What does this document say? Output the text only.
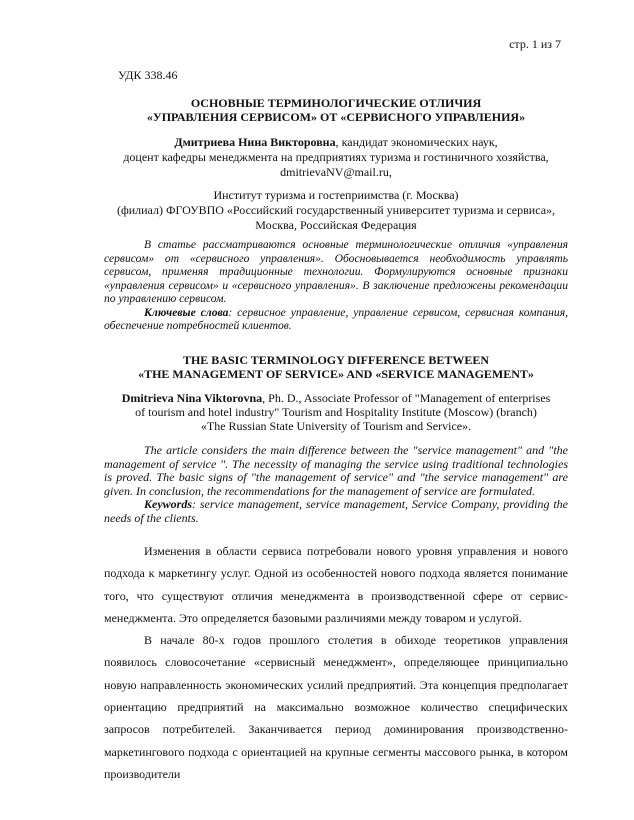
стр. 1 из 7
УДК 338.46
ОСНОВНЫЕ ТЕРМИНОЛОГИЧЕСКИЕ ОТЛИЧИЯ
«УПРАВЛЕНИЯ СЕРВИСОМ» ОТ «СЕРВИСНОГО УПРАВЛЕНИЯ»
Дмитриева Нина Викторовна, кандидат экономических наук,
доцент кафедры менеджмента на предприятиях туризма и гостиничного хозяйства,
dmitrievaNV@mail.ru,
Институт туризма и гостеприимства (г. Москва)
(филиал) ФГОУВПО «Российский государственный университет туризма и сервиса»,
Москва, Российская Федерация

В статье рассматриваются основные терминологические отличия «управления сервисом» от «сервисного управления». Обосновывается необходимость управлять сервисом, применяя традиционные технологии. Формулируются основные признаки «управления сервисом» и «сервисного управления». В заключение предложены рекомендации по управлению сервисом.

Ключевые слова: сервисное управление, управление сервисом, сервисная компания, обеспечение потребностей клиентов.

THE BASIC TERMINOLOGY DIFFERENCE BETWEEN
«THE MANAGEMENT OF SERVICE» AND «SERVICE MANAGEMENT»
Dmitrieva Nina Viktorovna, Ph. D., Associate Professor of "Management of enterprises
of tourism and hotel industry" Tourism and Hospitality Institute (Moscow) (branch)
«The Russian State University of Tourism and Service».

The article considers the main difference between the "service management" and "the management of service ". The necessity of managing the service using traditional technologies is proved. The basic signs of "the management of service" and "the service management" are given. In conclusion, the recommendations for the management of service are formulated.

Keywords: service management, service management, Service Company, providing the needs of the clients.

Изменения в области сервиса потребовали нового уровня управления и нового подхода к маркетингу услуг. Одной из особенностей нового подхода является понимание того, что существуют отличия менеджмента в производственной сфере от сервис-менеджмента. Это определяется базовыми различиями между товаром и услугой.

В начале 80-х годов прошлого столетия в обиходе теоретиков управления появилось словосочетание «сервисный менеджмент», определяющее принципиально новую направленность экономических усилий предприятий. Эта концепция предполагает ориентацию предприятий на максимально возможное количество специфических запросов потребителей. Заканчивается период доминирования производственно-маркетингового подхода с ориентацией на крупные сегменты массового рынка, в котором производители
